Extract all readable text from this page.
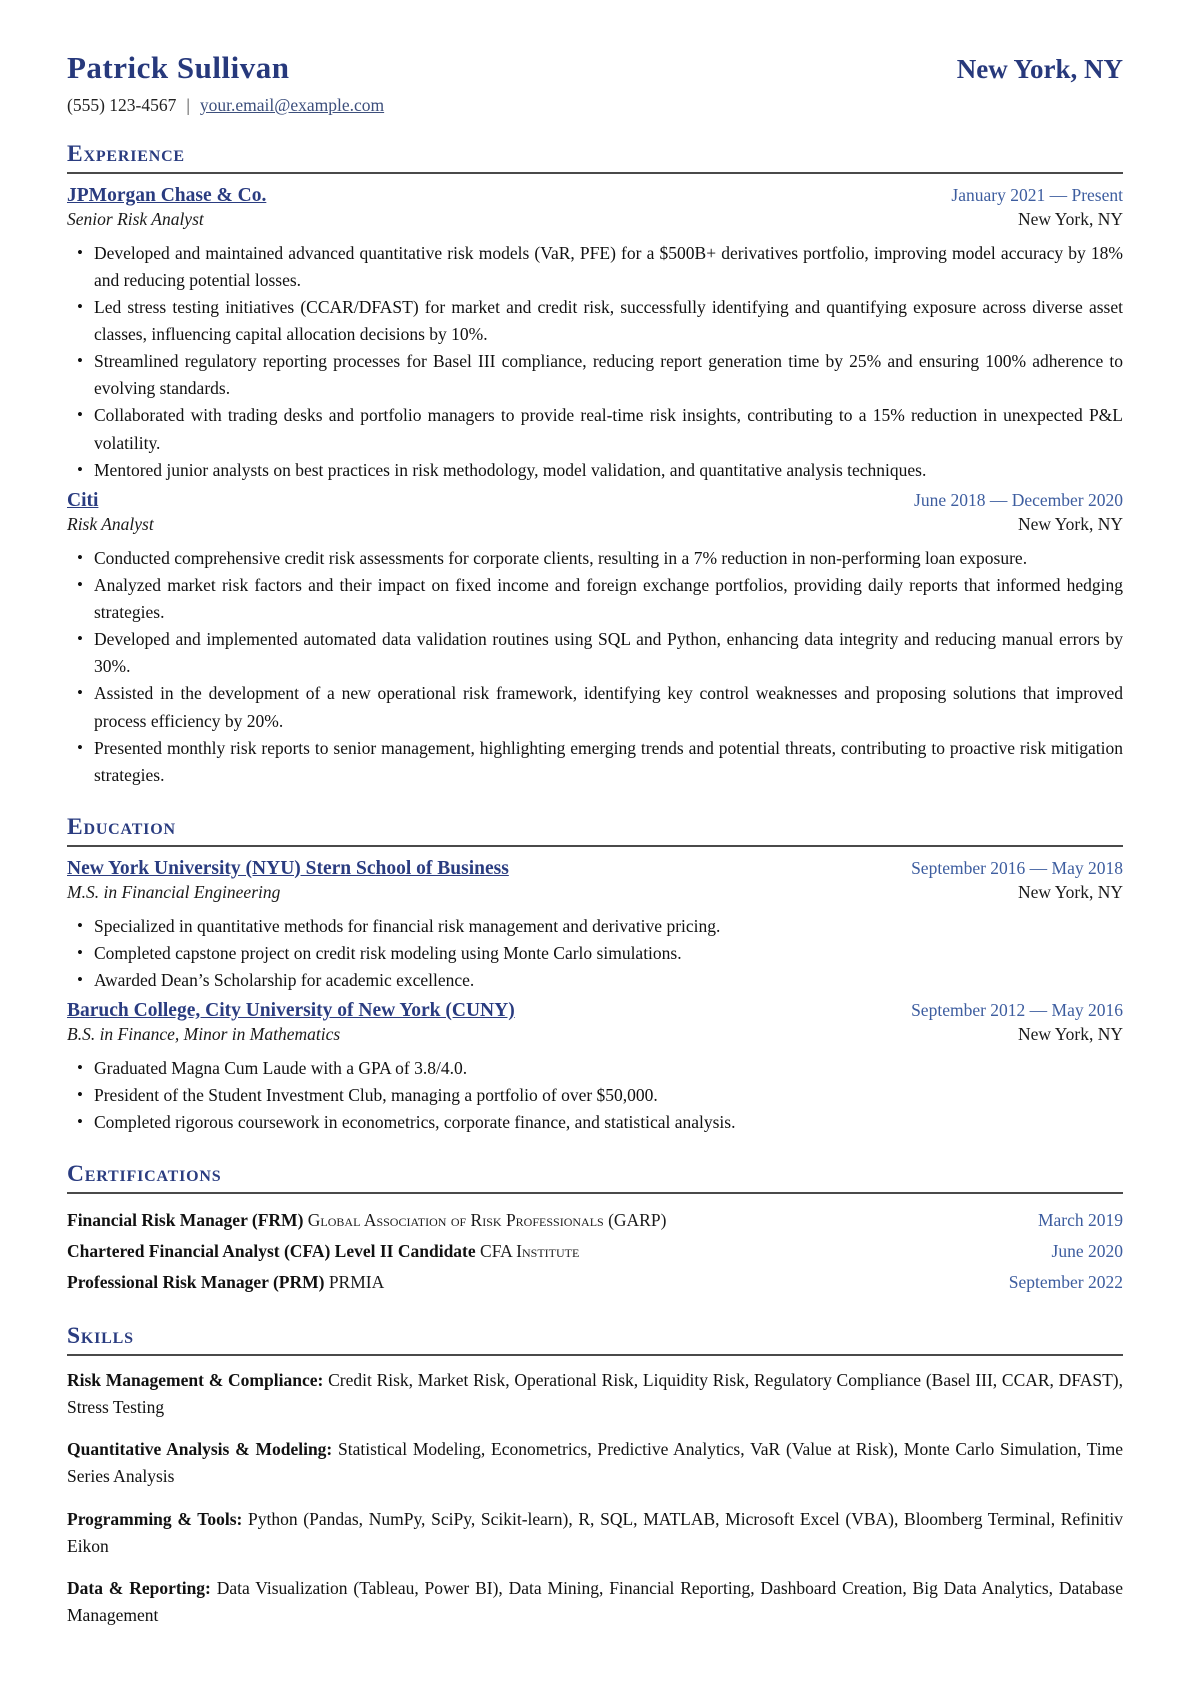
Patrick Sullivan	New York, NY
(555) 123-4567 | your.email@example.com
Experience
JPMorgan Chase & Co.	January 2021 — Present
Senior Risk Analyst	New York, NY
• Developed and maintained advanced quantitative risk models (VaR, PFE) for a $500B+ derivatives portfolio, improving model accuracy by 18% and reducing potential losses.
• Led stress testing initiatives (CCAR/DFAST) for market and credit risk, successfully identifying and quantifying exposure across diverse asset classes, influencing capital allocation decisions by 10%.
• Streamlined regulatory reporting processes for Basel III compliance, reducing report generation time by 25% and ensuring 100% adherence to evolving standards.
• Collaborated with trading desks and portfolio managers to provide real-time risk insights, contributing to a 15% reduction in unexpected P&L volatility.
• Mentored junior analysts on best practices in risk methodology, model validation, and quantitative analysis techniques.
Citi	June 2018 — December 2020
Risk Analyst	New York, NY
• Conducted comprehensive credit risk assessments for corporate clients, resulting in a 7% reduction in non-performing loan exposure.
• Analyzed market risk factors and their impact on fixed income and foreign exchange portfolios, providing daily reports that informed hedging strategies.
• Developed and implemented automated data validation routines using SQL and Python, enhancing data integrity and reducing manual errors by 30%.
• Assisted in the development of a new operational risk framework, identifying key control weaknesses and proposing solutions that improved process efficiency by 20%.
• Presented monthly risk reports to senior management, highlighting emerging trends and potential threats, contributing to proactive risk mitigation strategies.
Education
New York University (NYU) Stern School of Business	September 2016 — May 2018
M.S. in Financial Engineering	New York, NY
• Specialized in quantitative methods for financial risk management and derivative pricing.
• Completed capstone project on credit risk modeling using Monte Carlo simulations.
• Awarded Dean’s Scholarship for academic excellence.
Baruch College, City University of New York (CUNY)	September 2012 — May 2016
B.S. in Finance, Minor in Mathematics	New York, NY
• Graduated Magna Cum Laude with a GPA of 3.8/4.0.
• President of the Student Investment Club, managing a portfolio of over $50,000.
• Completed rigorous coursework in econometrics, corporate finance, and statistical analysis.
Certifications
Financial Risk Manager (FRM) Global Association of Risk Professionals (GARP)	March 2019
Chartered Financial Analyst (CFA) Level II Candidate CFA Institute	June 2020
Professional Risk Manager (PRM) PRMIA	September 2022
Skills

Risk Management & Compliance: Credit Risk, Market Risk, Operational Risk, Liquidity Risk, Regulatory Compliance (Basel III, CCAR, DFAST), Stress Testing

Quantitative Analysis & Modeling: Statistical Modeling, Econometrics, Predictive Analytics, VaR (Value at Risk), Monte Carlo Simulation, Time Series Analysis

Programming & Tools: Python (Pandas, NumPy, SciPy, Scikit-learn), R, SQL, MATLAB, Microsoft Excel (VBA), Bloomberg Terminal, Refinitiv Eikon

Data & Reporting: Data Visualization (Tableau, Power BI), Data Mining, Financial Reporting, Dashboard Creation, Big Data Analytics, Database Management
